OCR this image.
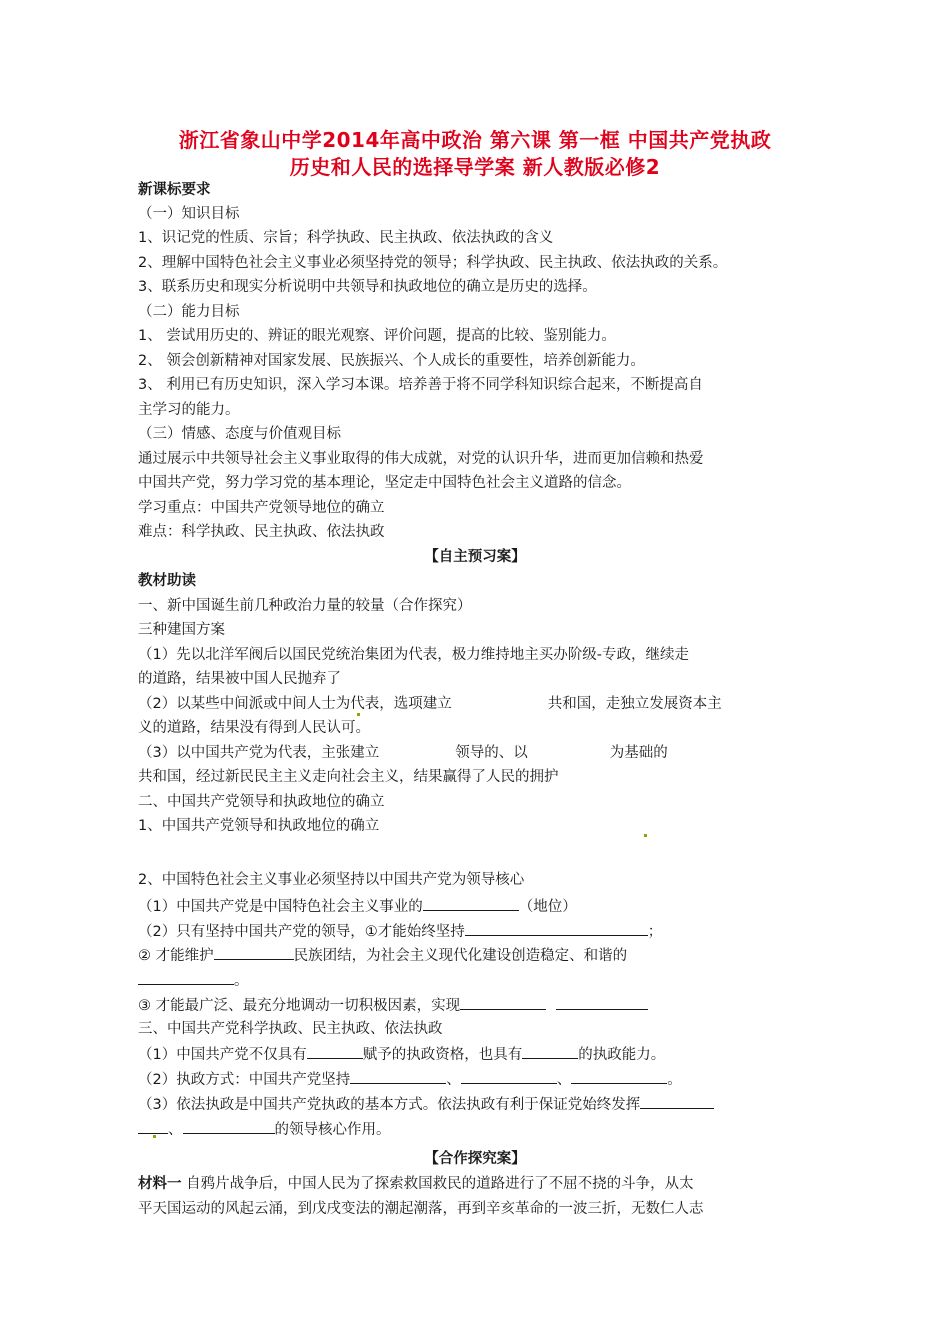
浙江省象山中学2014年高中政治 第六课 第一框 中国共产党执政
历史和人民的选择导学案 新人教版必修2
新课标要求
（一）知识目标
1、识记党的性质、宗旨；科学执政、民主执政、依法执政的含义
2、理解中国特色社会主义事业必须坚持党的领导；科学执政、民主执政、依法执政的关系。
3、联系历史和现实分析说明中共领导和执政地位的确立是历史的选择。
（二）能力目标
1、 尝试用历史的、辨证的眼光观察、评价问题，提高的比较、鉴别能力。
2、 领会创新精神对国家发展、民族振兴、个人成长的重要性，培养创新能力。
3、 利用已有历史知识，深入学习本课。培养善于将不同学科知识综合起来，不断提高自
主学习的能力。
（三）情感、态度与价值观目标
通过展示中共领导社会主义事业取得的伟大成就，对党的认识升华，进而更加信赖和热爱
中国共产党，努力学习党的基本理论，坚定走中国特色社会主义道路的信念。
学习重点：中国共产党领导地位的确立
难点：科学执政、民主执政、依法执政
【自主预习案】
教材助读
一、新中国诞生前几种政治力量的较量（合作探究）
三种建国方案
（1）先以北洋军阀后以国民党统治集团为代表，极力维持地主买办阶级-专政，继续走
的道路，结果被中国人民抛弃了
（2）以某些中间派或中间人士为代表，选项建立	共和国，走独立发展资本主
义的道路，结果没有得到人民认可。
（3）以中国共产党为代表，主张建立	领导的、以	为基础的
共和国，经过新民民主主义走向社会主义，结果赢得了人民的拥护
二、中国共产党领导和执政地位的确立
1、中国共产党领导和执政地位的确立
2、中国特色社会主义事业必须坚持以中国共产党为领导核心
（1）中国共产党是中国特色社会主义事业的	（地位）
（2）只有坚持中国共产党的领导，①才能始终坚持	；
② 才能维护	民族团结，为社会主义现代化建设创造稳定、和谐的
。
③ 才能最广泛、最充分地调动一切积极因素，实现
三、中国共产党科学执政、民主执政、依法执政
（1）中国共产党不仅具有	赋予的执政资格，也具有	的执政能力。
（2）执政方式：中国共产党坚持	、	、	。
（3）依法执政是中国共产党执政的基本方式。依法执政有利于保证党始终发挥
、	的领导核心作用。
【合作探究案】
材料一 自鸦片战争后，中国人民为了探索救国救民的道路进行了不屈不挠的斗争，从太
平天国运动的风起云涌，到戊戌变法的潮起潮落，再到辛亥革命的一波三折，无数仁人志
